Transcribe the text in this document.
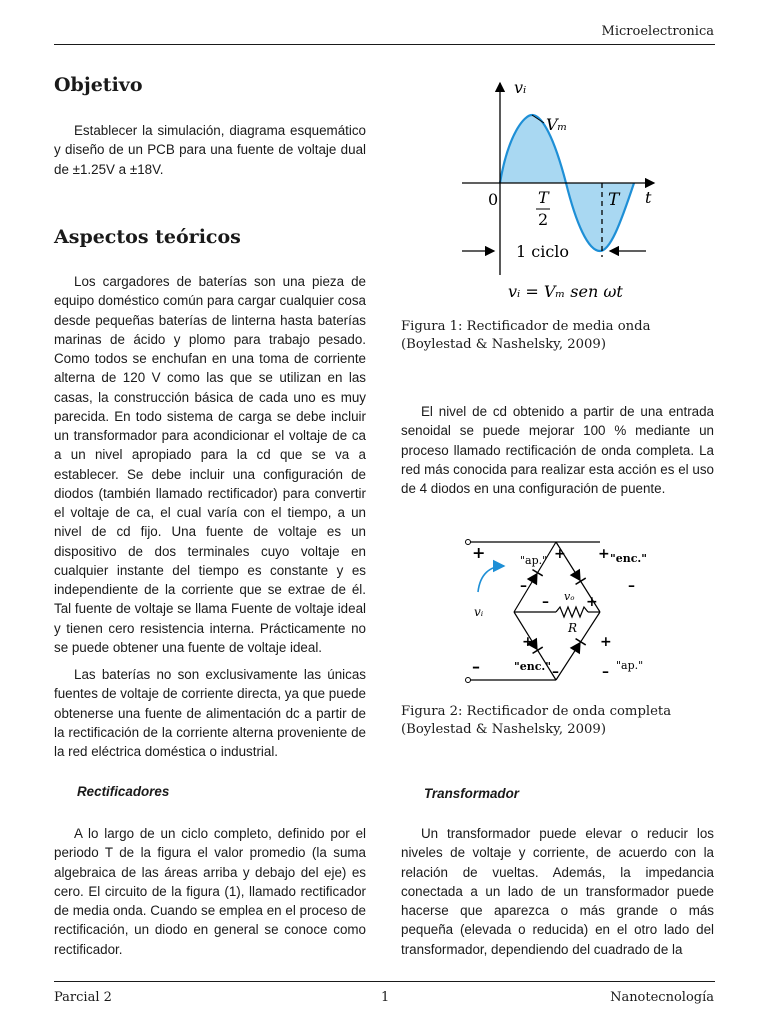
Microelectronica
Objetivo
Establecer la simulación, diagrama esquemático y diseño de un PCB para una fuente de voltaje dual de ±1.25V a ±18V.
Aspectos teóricos

Los cargadores de baterías son una pieza de equipo doméstico común para cargar cualquier cosa desde pequeñas baterías de linterna hasta baterías marinas de ácido y plomo para trabajo pesado. Como todos se enchufan en una toma de corriente alterna de 120 V como las que se utilizan en las casas, la construcción básica de cada uno es muy parecida. En todo sistema de carga se debe incluir un transformador para acondicionar el voltaje de ca a un nivel apropiado para la cd que se va a establecer. Se debe incluir una configuración de diodos (también llamado rectificador) para convertir el voltaje de ca, el cual varía con el tiempo, a un nivel de cd fijo. Una fuente de voltaje es un dispositivo de dos terminales cuyo voltaje en cualquier instante del tiempo es constante y es independiente de la corriente que se extrae de él. Tal fuente de voltaje se llama Fuente de voltaje ideal y tienen cero resistencia interna. Prácticamente no se puede obtener una fuente de voltaje ideal.

Las baterías no son exclusivamente las únicas fuentes de voltaje de corriente directa, ya que puede obtenerse una fuente de alimentación dc a partir de la rectificación de la corriente alterna proveniente de la red eléctrica doméstica o industrial.

Rectificadores
A lo largo de un ciclo completo, definido por el periodo T de la figura el valor promedio (la suma algebraica de las áreas arriba y debajo del eje) es cero. El circuito de la figura (1), llamado rectificador de media onda. Cuando se emplea en el proceso de rectificación, un diodo en general se conoce como rectificador.
vᵢ
Vₘ
0 T
2
T t
1 ciclo
vᵢ = Vₘ sen ωt
Figura 1: Rectificador de media onda (Boylestad & Nashelsky, 2009)
El nivel de cd obtenido a partir de una entrada senoidal se puede mejorar 100 % mediante un proceso llamado rectificación de onda completa. La red más conocida para realizar esta acción es el uso de 4 diodos en una configuración de puente.
+
–
vᵢ
"ap."	"enc."
"enc."	"ap."
+
–
+
–
+
–
+
–
– vₒ +
R
Figura 2: Rectificador de onda completa (Boylestad & Nashelsky, 2009)
Transformador
Un transformador puede elevar o reducir los niveles de voltaje y corriente, de acuerdo con la relación de vueltas. Además, la impedancia conectada a un lado de un transformador puede hacerse que aparezca o más grande o más pequeña (elevada o reducida) en el otro lado del transformador, dependiendo del cuadrado de la
Parcial 2	1	Nanotecnología
